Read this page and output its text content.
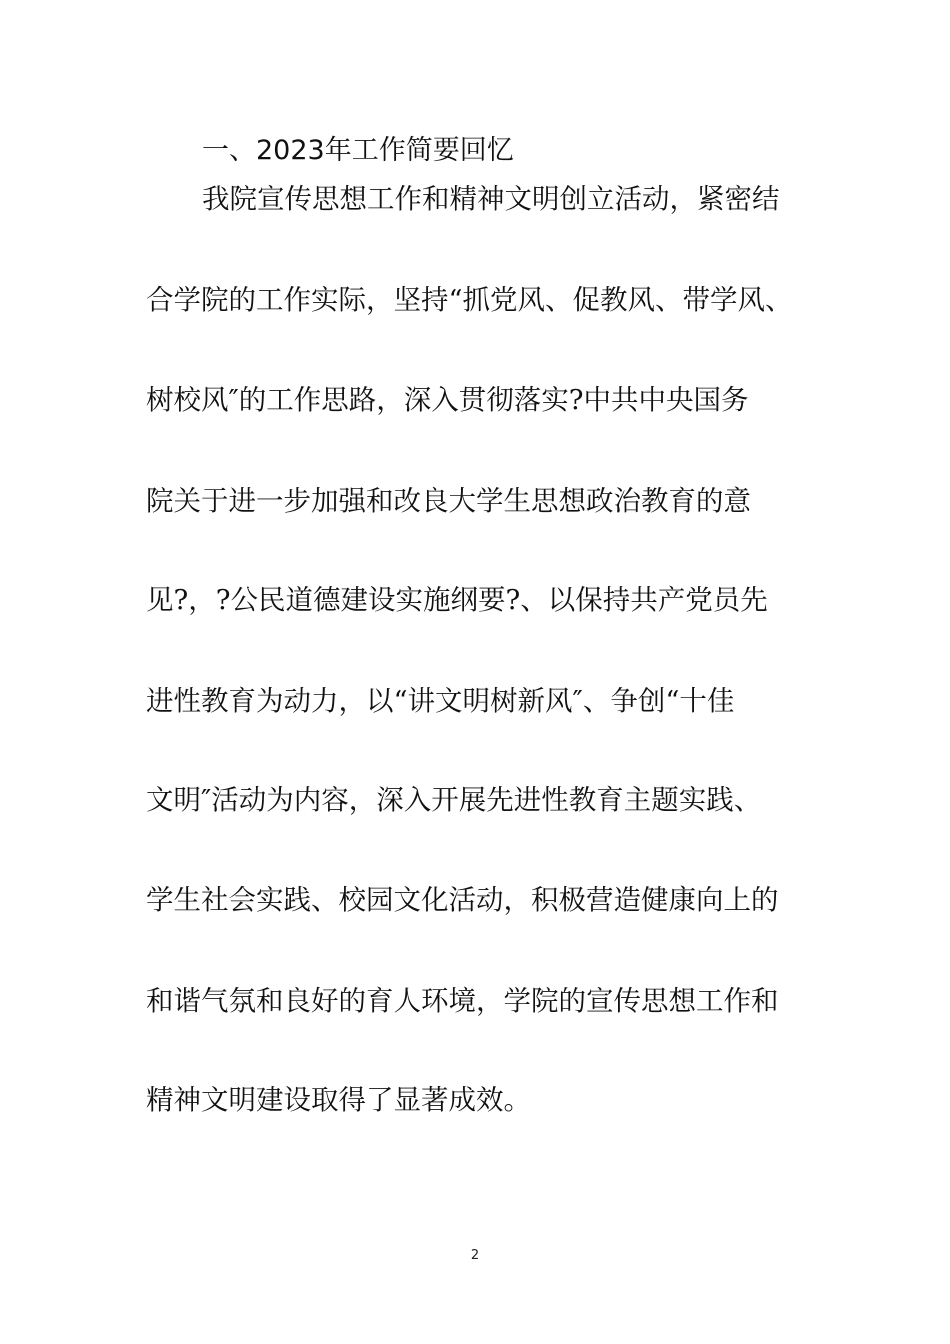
一、2023年工作简要回忆
我院宣传思想工作和精神文明创立活动，紧密结
合学院的工作实际，坚持“抓党风、促教风、带学风、
树校风″的工作思路，深入贯彻落实?中共中央国务
院关于进一步加强和改良大学生思想政治教育的意
见?，?公民道德建设实施纲要?、以保持共产党员先
进性教育为动力，以“讲文明树新风″、争创“十佳
文明″活动为内容，深入开展先进性教育主题实践、
学生社会实践、校园文化活动，积极营造健康向上的
和谐气氛和良好的育人环境，学院的宣传思想工作和
精神文明建设取得了显著成效。
2
